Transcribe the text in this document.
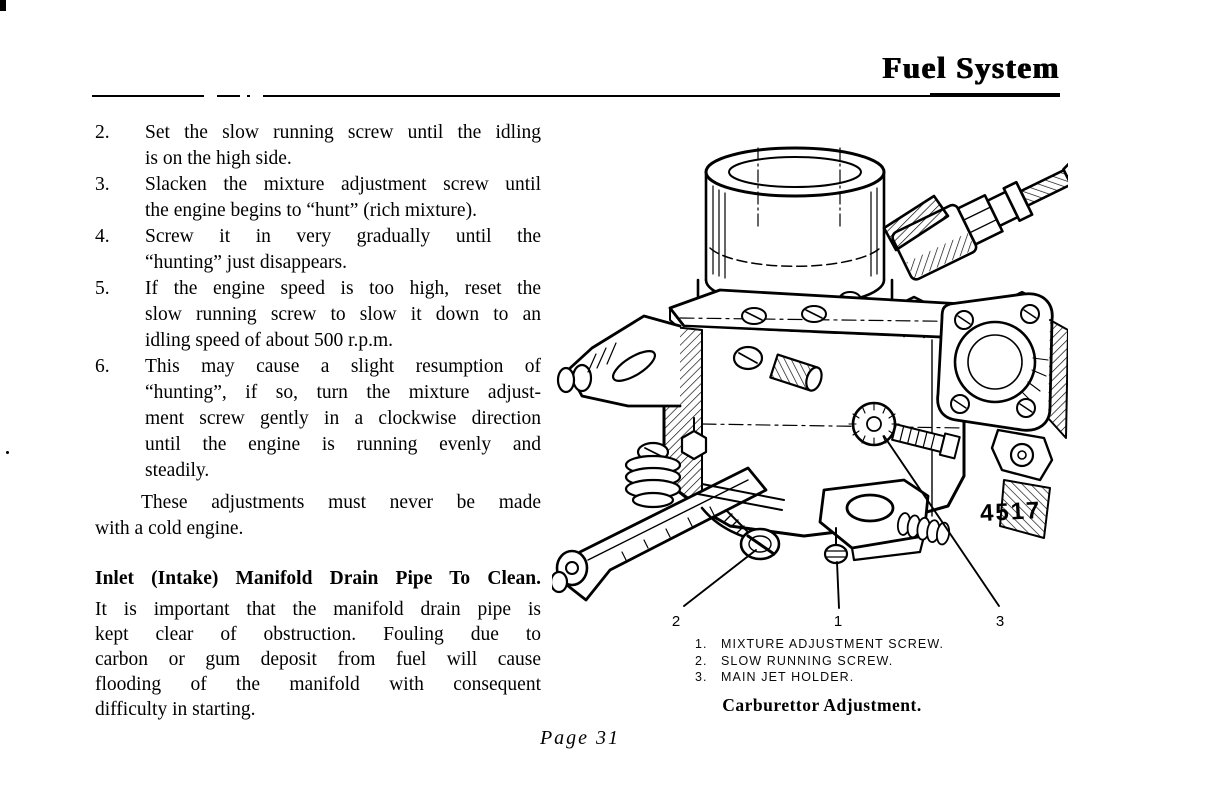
Fuel System
2.	Set the slow running screw until the idling
is on the high side.
3.	Slacken the mixture adjustment screw until
the engine begins to “hunt” (rich mixture).
4.	Screw it in very gradually until the
“hunting” just disappears.
5.	If the engine speed is too high, reset the
slow running screw to slow it down to an
idling speed of about 500 r.p.m.
6.	This may cause a slight resumption of
“hunting”, if so, turn the mixture adjust-
ment screw gently in a clockwise direction
until the engine is running evenly and
steadily.
These adjustments must never be made
with a cold engine.
Inlet (Intake) Manifold Drain Pipe To Clean.
It is important that the manifold drain pipe is
kept clear of obstruction. Fouling due to
carbon or gum deposit from fuel will cause
flooding of the manifold with consequent
difficulty in starting.
4517
2	1	3
1.	MIXTURE ADJUSTMENT SCREW.
2.	SLOW RUNNING SCREW.
3.	MAIN JET HOLDER.
Carburettor Adjustment.
Page 31
